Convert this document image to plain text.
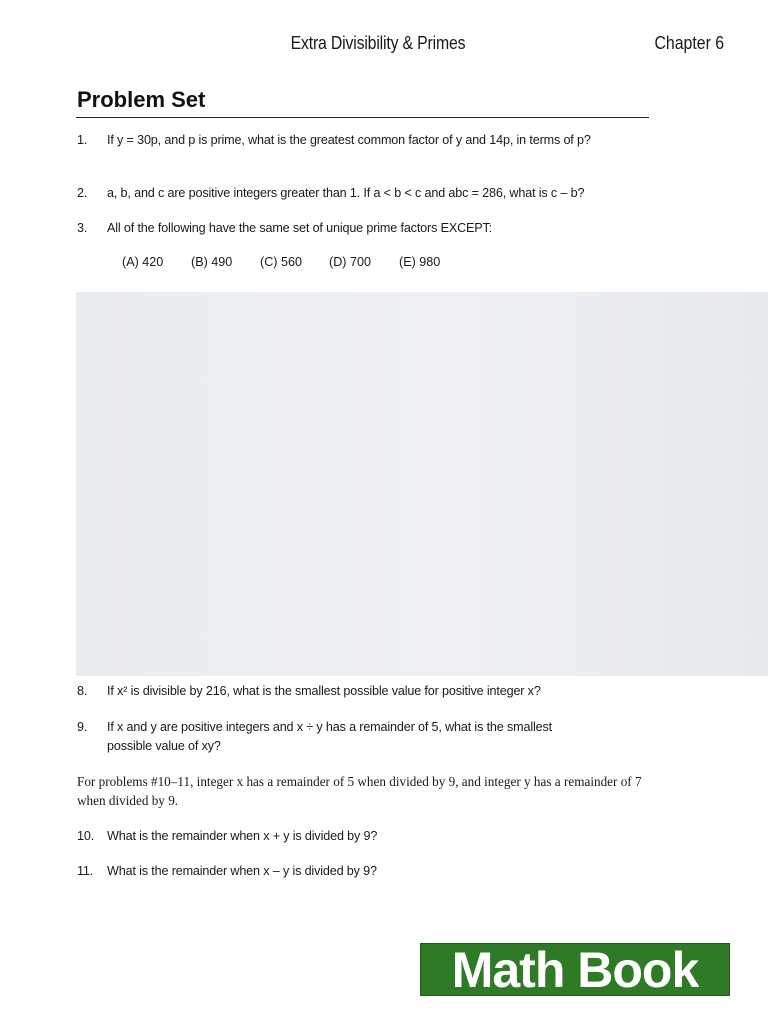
Extra Divisibility & Primes	Chapter 6
Problem Set
1. If y = 30p, and p is prime, what is the greatest common factor of y and 14p, in terms of p?
2. a, b, and c are positive integers greater than 1. If a < b < c and abc = 286, what is c – b?
3. All of the following have the same set of unique prime factors EXCEPT:
(A) 420 (B) 490 (C) 560 (D) 700 (E) 980
8. If x² is divisible by 216, what is the smallest possible value for positive integer x?
9. If x and y are positive integers and x ÷ y has a remainder of 5, what is the smallest possible value of xy?
For problems #10–11, integer x has a remainder of 5 when divided by 9, and integer y has a remainder of 7 when divided by 9.
10. What is the remainder when x + y is divided by 9?
11. What is the remainder when x – y is divided by 9?
Math Book
